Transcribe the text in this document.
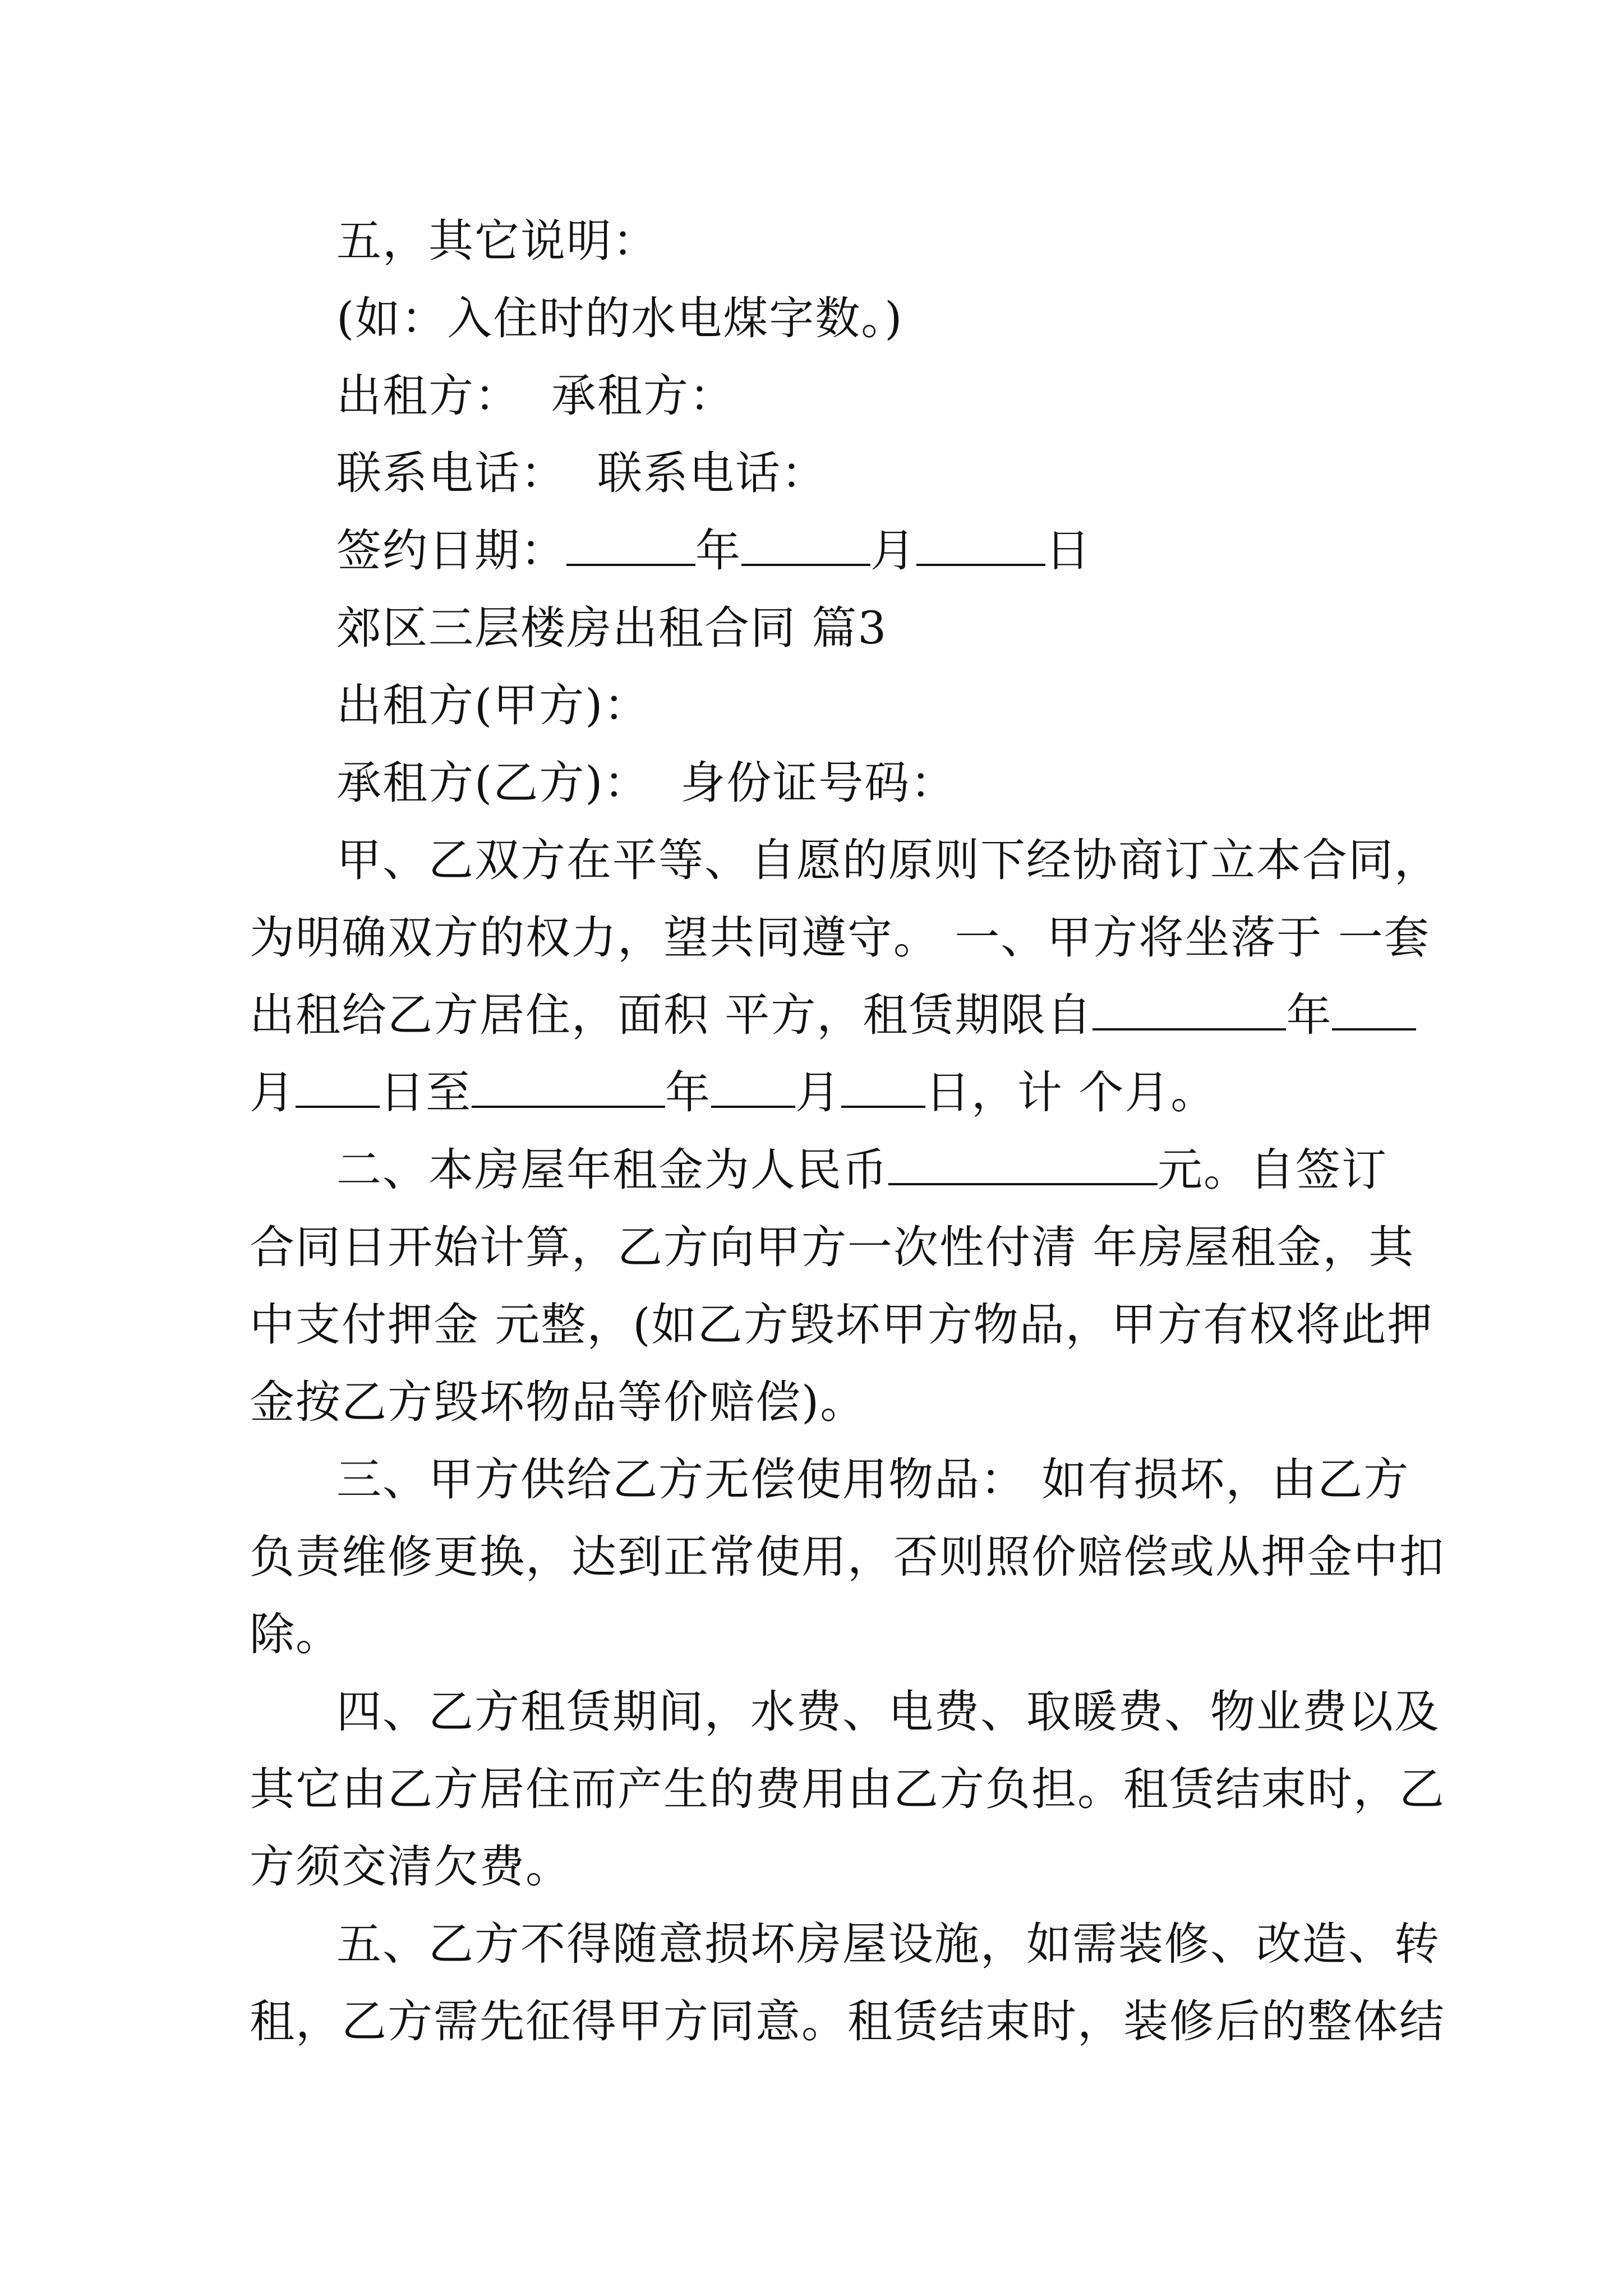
五，其它说明：
(如：入住时的水电煤字数。)
出租方：  承租方：
联系电话：  联系电话：
签约日期：	年	月	日
郊区三层楼房出租合同 篇3
出租方(甲方)：
承租方(乙方)：  身份证号码：
甲、乙双方在平等、自愿的原则下经协商订立本合同，
为明确双方的权力，望共同遵守。 一、甲方将坐落于 一套
出租给乙方居住，面积 平方，租赁期限自	年
月 日至	年 月 日，计 个月。
二、本房屋年租金为人民币	元。自签订
合同日开始计算，乙方向甲方一次性付清 年房屋租金，其
中支付押金 元整，(如乙方毁坏甲方物品，甲方有权将此押
金按乙方毁坏物品等价赔偿)。
三、甲方供给乙方无偿使用物品： 如有损坏，由乙方
负责维修更换，达到正常使用，否则照价赔偿或从押金中扣
除。
四、乙方租赁期间，水费、电费、取暖费、物业费以及
其它由乙方居住而产生的费用由乙方负担。租赁结束时，乙
方须交清欠费。
五、乙方不得随意损坏房屋设施，如需装修、改造、转
租，乙方需先征得甲方同意。租赁结束时，装修后的整体结
